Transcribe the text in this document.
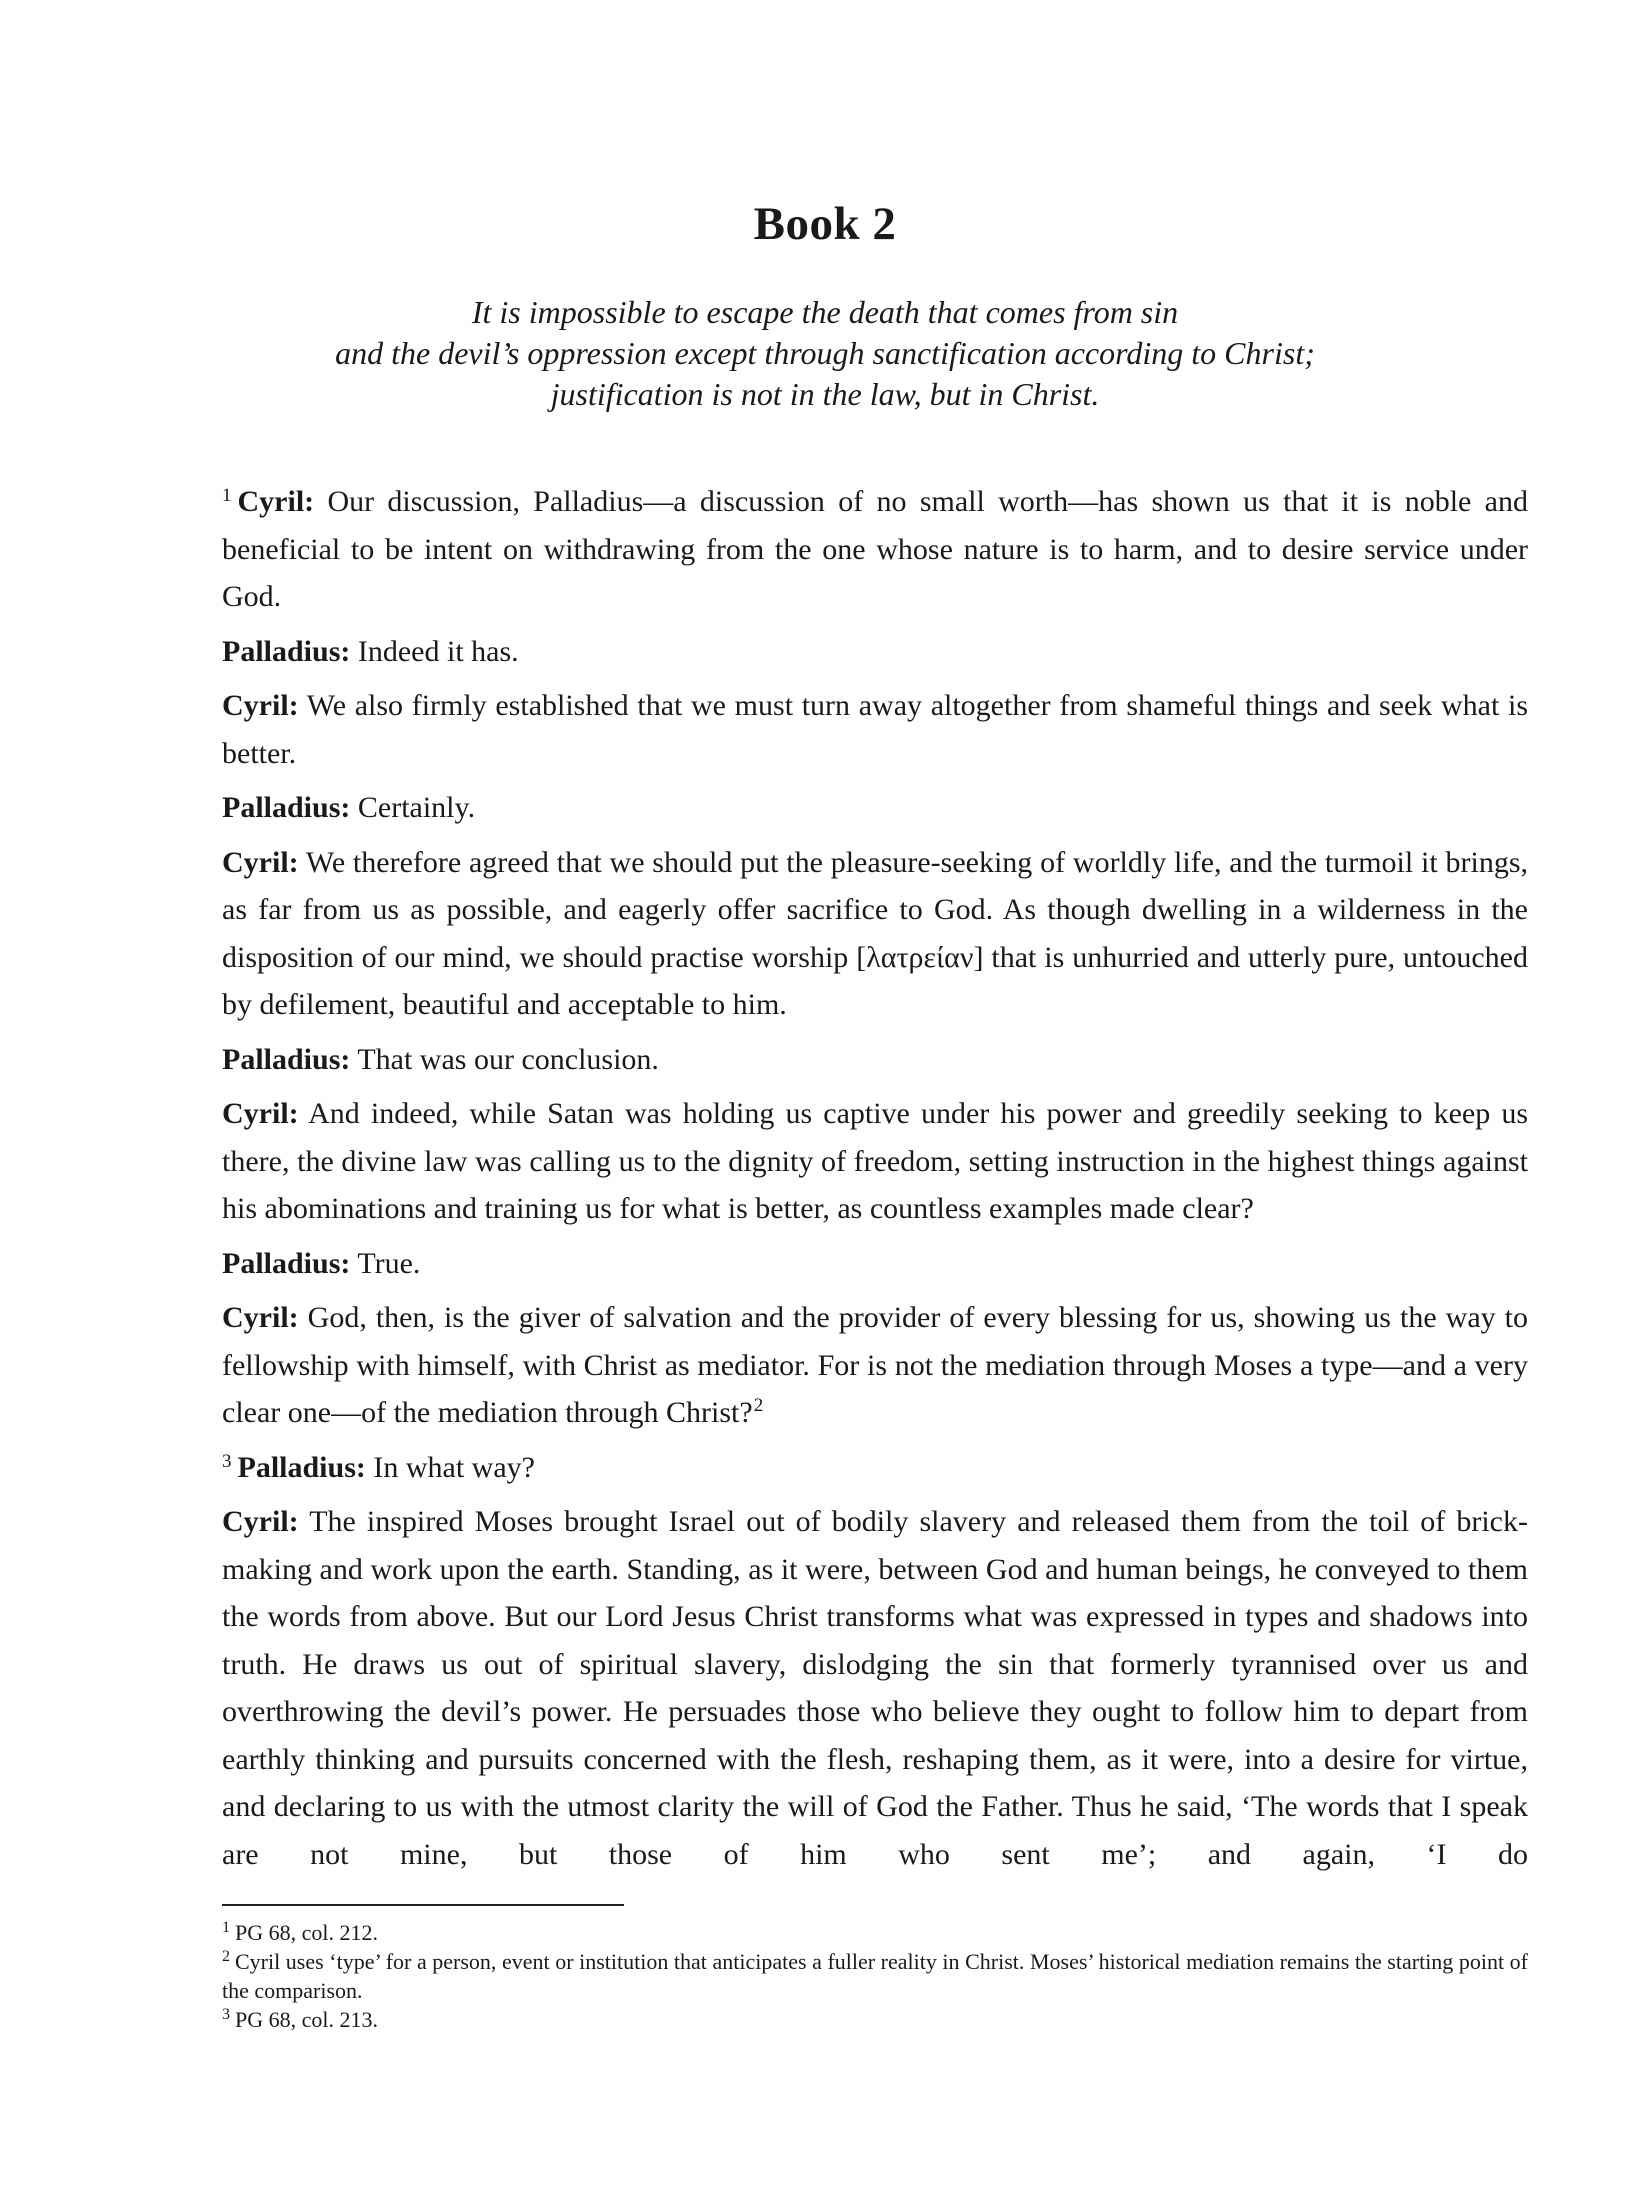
Book 2
It is impossible to escape the death that comes from sin
and the devil’s oppression except through sanctification according to Christ;
justification is not in the law, but in Christ.

$^1$ Cyril: Our discussion, Palladius—a discussion of no small worth—has shown us that it is noble and beneficial to be intent on withdrawing from the one whose nature is to harm, and to desire service under God.

Palladius: Indeed it has.

Cyril: We also firmly established that we must turn away altogether from shameful things and seek what is better.

Palladius: Certainly.

Cyril: We therefore agreed that we should put the pleasure-seeking of worldly life, and the turmoil it brings, as far from us as possible, and eagerly offer sacrifice to God. As though dwelling in a wilderness in the disposition of our mind, we should practise worship [λατρείαν] that is unhurried and utterly pure, untouched by defilement, beautiful and acceptable to him.

Palladius: That was our conclusion.

Cyril: And indeed, while Satan was holding us captive under his power and greedily seeking to keep us there, the divine law was calling us to the dignity of freedom, setting instruction in the highest things against his abominations and training us for what is better, as countless examples made clear?

Palladius: True.

Cyril: God, then, is the giver of salvation and the provider of every blessing for us, showing us the way to fellowship with himself, with Christ as mediator. For is not the mediation through Moses a type—and a very clear one—of the mediation through Christ?$^2$

$^3$ Palladius: In what way?

Cyril: The inspired Moses brought Israel out of bodily slavery and released them from the toil of brick-making and work upon the earth. Standing, as it were, between God and human beings, he conveyed to them the words from above. But our Lord Jesus Christ transforms what was expressed in types and shadows into truth. He draws us out of spiritual slavery, dislodging the sin that formerly tyrannised over us and overthrowing the devil’s power. He persuades those who believe they ought to follow him to depart from earthly thinking and pursuits concerned with the flesh, reshaping them, as it were, into a desire for virtue, and declaring to us with the utmost clarity the will of God the Father. Thus he said, ‘The words that I speak are not mine, but those of him who sent me’; and again, ‘I do

$^1$ PG 68, col. 212.

$^2$ Cyril uses ‘type’ for a person, event or institution that anticipates a fuller reality in Christ. Moses’ historical mediation remains the starting point of the comparison.

$^3$ PG 68, col. 213.
